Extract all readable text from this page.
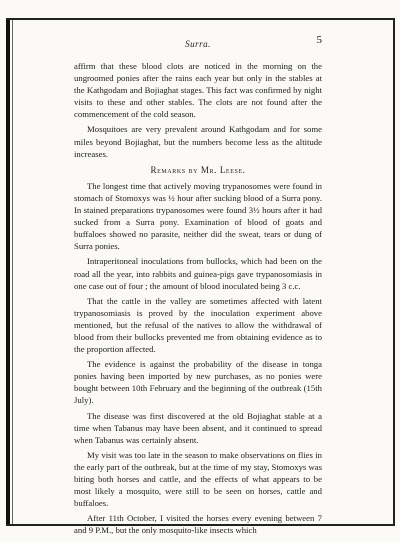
Surra.	5

affirm that these blood clots are noticed in the morning on the ungroomed ponies after the rains each year but only in the stables at the Kathgodam and Bojiaghat stages. This fact was confirmed by night visits to these and other stables. The clots are not found after the commencement of the cold season.

Mosquitoes are very prevalent around Kathgodam and for some miles beyond Bojiaghat, but the numbers become less as the altitude increases.

Remarks by Mr. Leese.

The longest time that actively moving trypanosomes were found in stomach of Stomoxys was ½ hour after sucking blood of a Surra pony. In stained preparations trypanosomes were found 3½ hours after it had sucked from a Surra pony. Examination of blood of goats and buffaloes showed no parasite, neither did the sweat, tears or dung of Surra ponies.

Intraperitoneal inoculations from bullocks, which had been on the road all the year, into rabbits and guinea-pigs gave trypanosomiasis in one case out of four ; the amount of blood inoculated being 3 c.c.

That the cattle in the valley are sometimes affected with latent trypanosomiasis is proved by the inoculation experiment above mentioned, but the refusal of the natives to allow the withdrawal of blood from their bullocks prevented me from obtaining evidence as to the proportion affected.

The evidence is against the probability of the disease in tonga ponies having been imported by new purchases, as no ponies were bought between 10th February and the beginning of the outbreak (15th July).

The disease was first discovered at the old Bojiaghat stable at a time when Tabanus may have been absent, and it continued to spread when Tabanus was certainly absent.

My visit was too late in the season to make observations on flies in the early part of the outbreak, but at the time of my stay, Stomoxys was biting both horses and cattle, and the effects of what appears to be most likely a mosquito, were still to be seen on horses, cattle and buffaloes.

After 11th October, I visited the horses every evening between 7 and 9 P.M., but the only mosquito-like insects which
